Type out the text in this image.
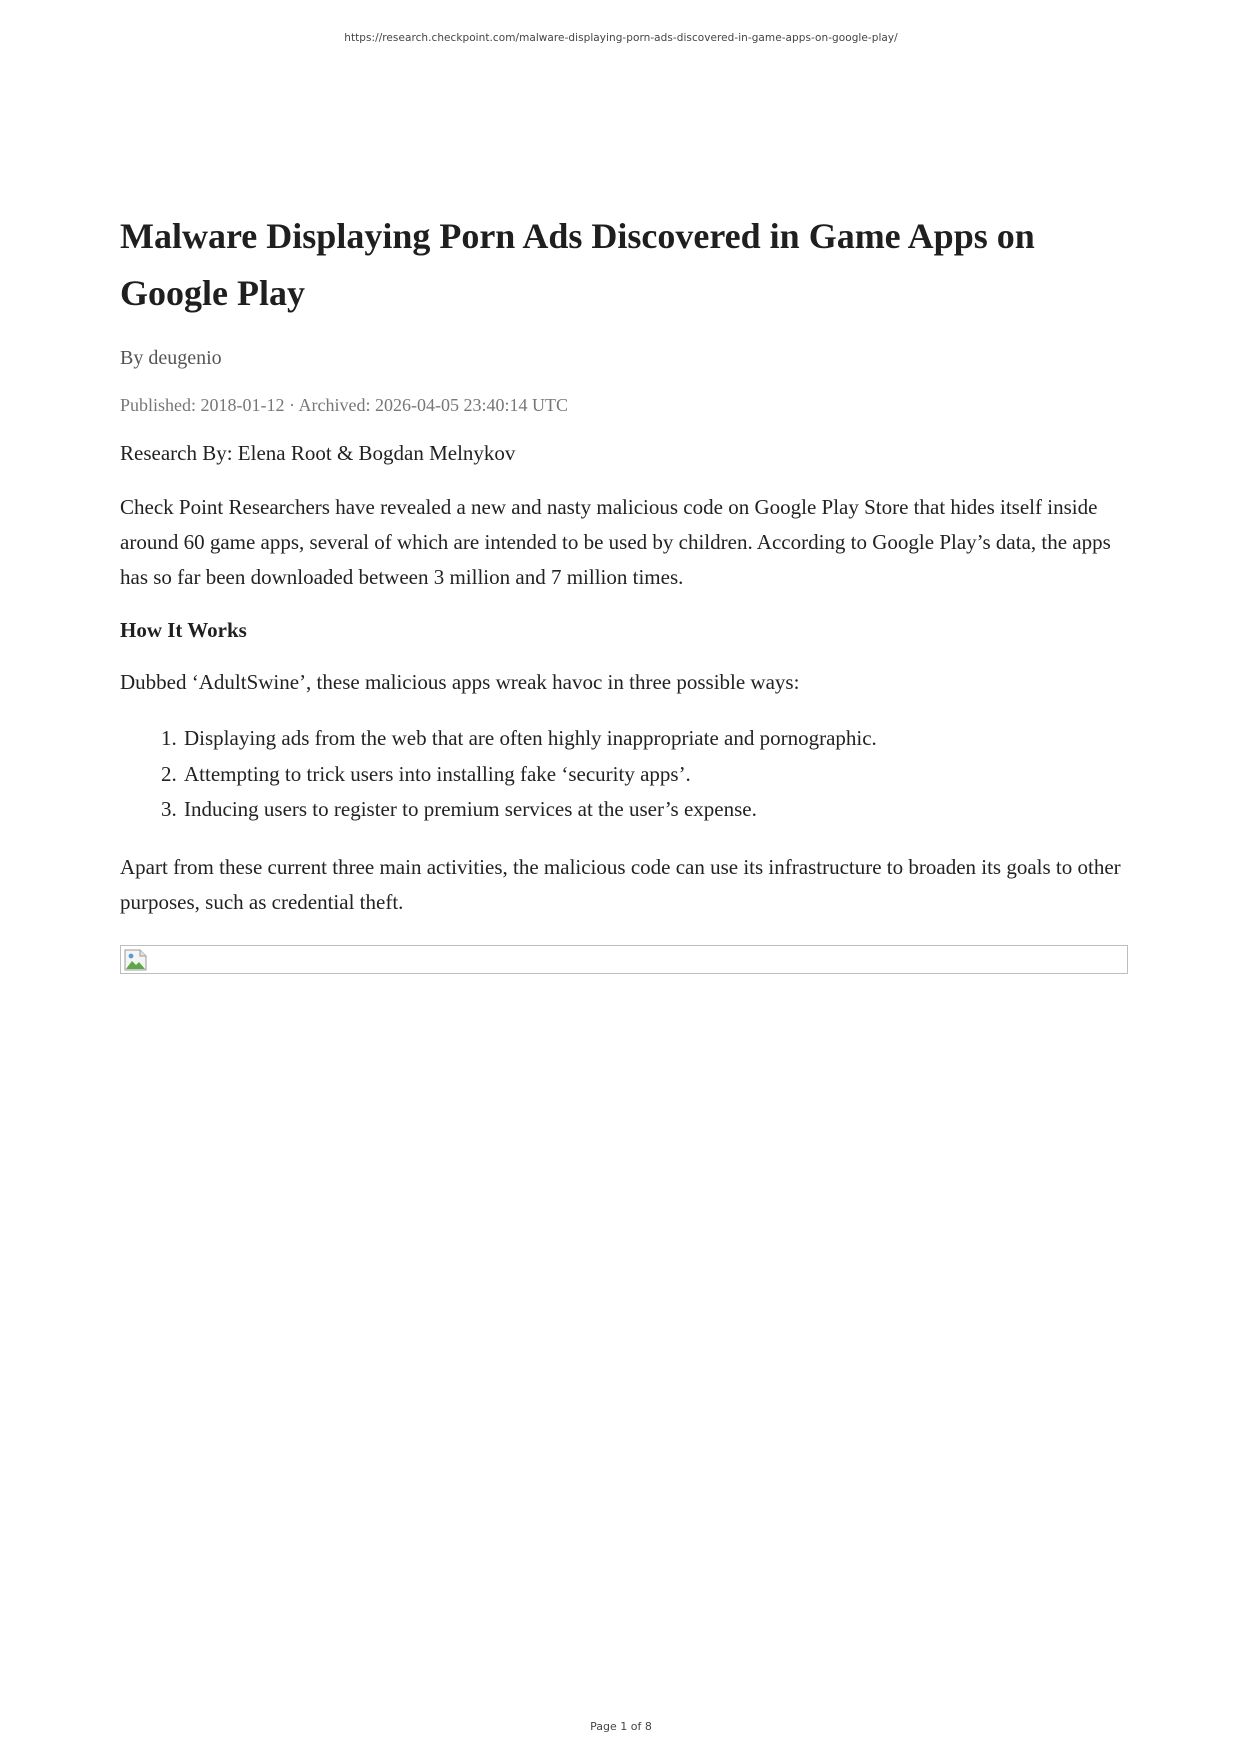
https://research.checkpoint.com/malware-displaying-porn-ads-discovered-in-game-apps-on-google-play/
Malware Displaying Porn Ads Discovered in Game Apps on Google Play
By deugenio
Published: 2018-01-12 · Archived: 2026-04-05 23:40:14 UTC
Research By: Elena Root & Bogdan Melnykov
Check Point Researchers have revealed a new and nasty malicious code on Google Play Store that hides itself inside around 60 game apps, several of which are intended to be used by children. According to Google Play’s data, the apps has so far been downloaded between 3 million and 7 million times.
How It Works
Dubbed ‘AdultSwine’, these malicious apps wreak havoc in three possible ways:
1. Displaying ads from the web that are often highly inappropriate and pornographic.
2. Attempting to trick users into installing fake ‘security apps’.
3. Inducing users to register to premium services at the user’s expense.
Apart from these current three main activities, the malicious code can use its infrastructure to broaden its goals to other purposes, such as credential theft.
Page 1 of 8
